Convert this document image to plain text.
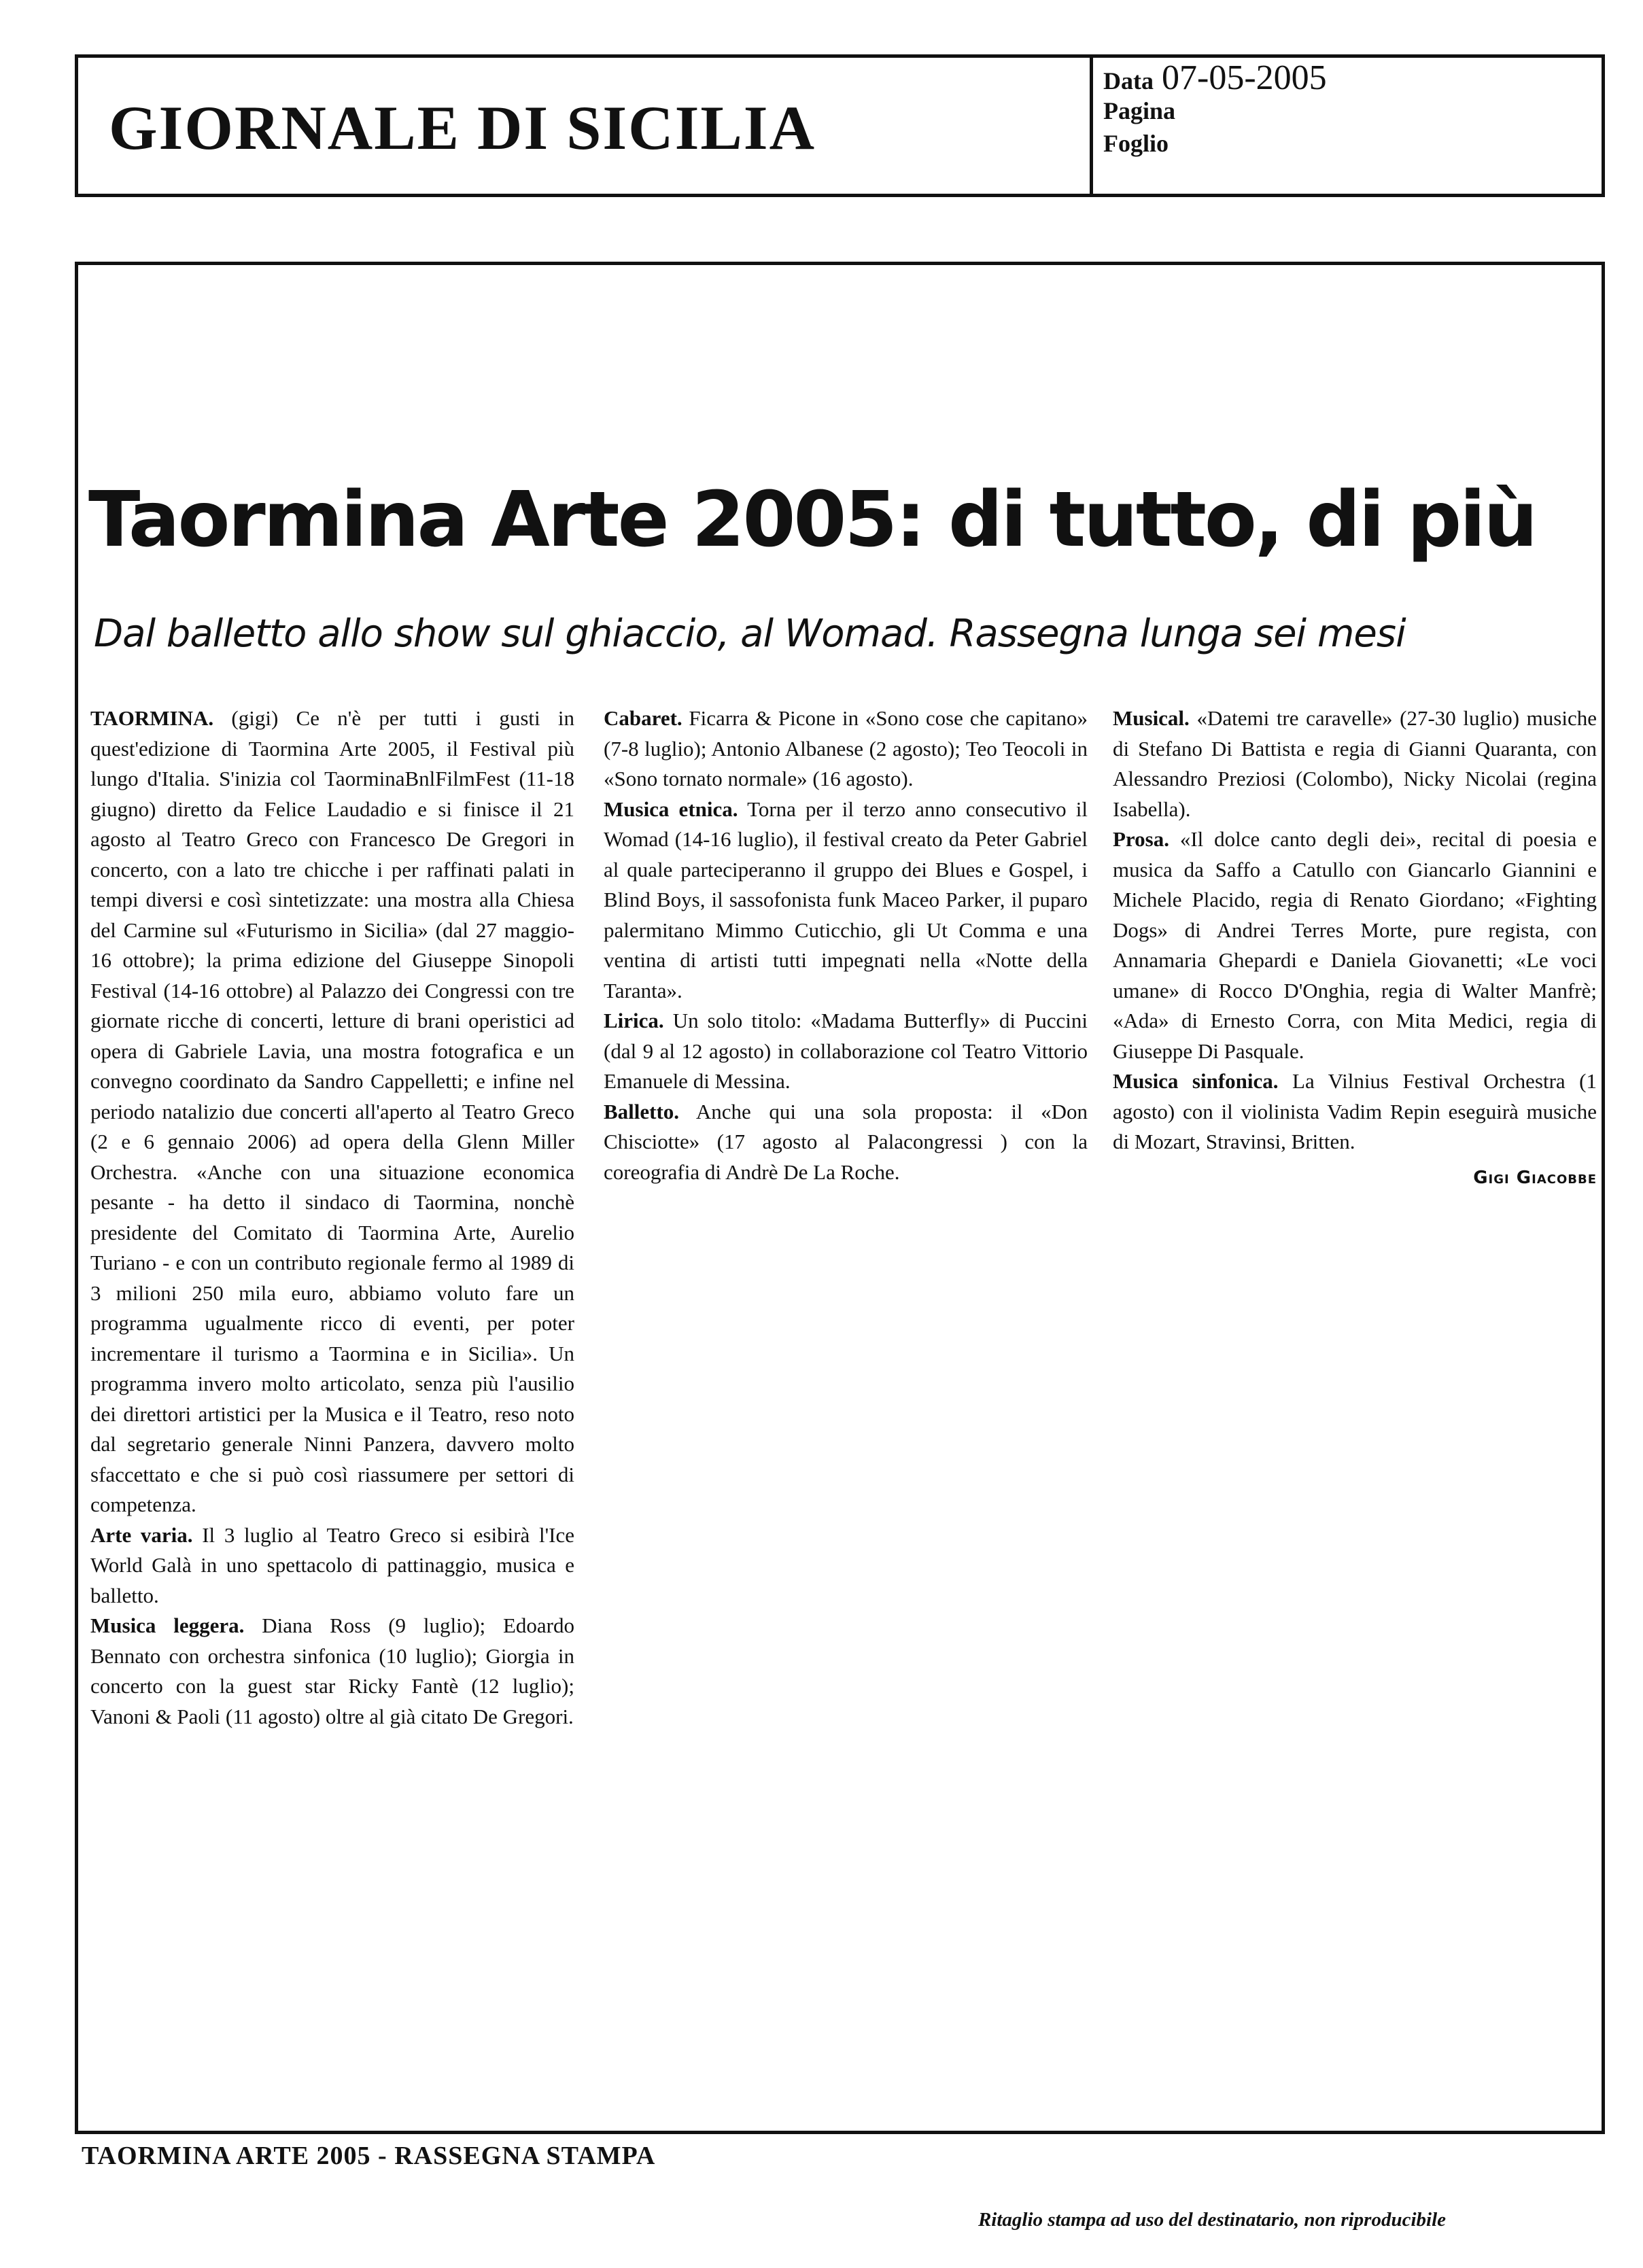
GIORNALE DI SICILIA
Data 07-05-2005
Pagina
Foglio
Taormina Arte 2005: di tutto, di più
Dal balletto allo show sul ghiaccio, al Womad. Rassegna lunga sei mesi

TAORMINA. (gigi) Ce n'è per tutti i gusti in quest'edizione di Taormina Arte 2005, il Festival più lungo d'Italia. S'inizia col TaorminaBnlFilmFest (11-18 giugno) diretto da Felice Laudadio e si finisce il 21 agosto al Teatro Greco con Francesco De Gregori in concerto, con a lato tre chicche i per raffinati palati in tempi diversi e così sintetizzate: una mostra alla Chiesa del Carmine sul «Futurismo in Sicilia» (dal 27 maggio-16 ottobre); la prima edizione del Giuseppe Sinopoli Festival (14-16 ottobre) al Palazzo dei Congressi con tre giornate ricche di concerti, letture di brani operistici ad opera di Gabriele Lavia, una mostra fotografica e un convegno coordinato da Sandro Cappelletti; e infine nel periodo natalizio due concerti all'aperto al Teatro Greco (2 e 6 gennaio 2006) ad opera della Glenn Miller Orchestra. «Anche con una situazione economica pesante - ha detto il sindaco di Taormina, nonchè presidente del Comitato di Taormina Arte, Aurelio Turiano - e con un contributo regionale fermo al 1989 di 3 milioni 250 mila euro, abbiamo voluto fare un programma ugualmente ricco di eventi, per poter incrementare il turismo a Taormina e in Sicilia». Un programma invero molto articolato, senza più l'ausilio dei direttori artistici per la Musica e il Teatro, reso noto dal segretario generale Ninni Panzera, davvero molto sfaccettato e che si può così riassumere per settori di competenza.

Arte varia. Il 3 luglio al Teatro Greco si esibirà l'Ice World Galà in uno spettacolo di pattinaggio, musica e balletto.

Musica leggera. Diana Ross (9 luglio); Edoardo Bennato con orchestra sinfonica (10 luglio); Giorgia in concerto con la guest star Ricky Fantè (12 luglio); Vanoni & Paoli (11 agosto) oltre al già citato De Gregori.

Cabaret. Ficarra & Picone in «Sono cose che capitano» (7-8 luglio); Antonio Albanese (2 agosto); Teo Teocoli in «Sono tornato normale» (16 agosto).

Musica etnica. Torna per il terzo anno consecutivo il Womad (14-16 luglio), il festival creato da Peter Gabriel al quale parteciperanno il gruppo dei Blues e Gospel, i Blind Boys, il sassofonista funk Maceo Parker, il puparo palermitano Mimmo Cuticchio, gli Ut Comma e una ventina di artisti tutti impegnati nella «Notte della Taranta».

Lirica. Un solo titolo: «Madama Butterfly» di Puccini (dal 9 al 12 agosto) in collaborazione col Teatro Vittorio Emanuele di Messina.

Balletto. Anche qui una sola proposta: il «Don Chisciotte» (17 agosto al Palacongressi ) con la coreografia di Andrè De La Roche.

Musical. «Datemi tre caravelle» (27-30 luglio) musiche di Stefano Di Battista e regia di Gianni Quaranta, con Alessandro Preziosi (Colombo), Nicky Nicolai (regina Isabella).

Prosa. «Il dolce canto degli dei», recital di poesia e musica da Saffo a Catullo con Giancarlo Giannini e Michele Placido, regia di Renato Giordano; «Fighting Dogs» di Andrei Terres Morte, pure regista, con Annamaria Ghepardi e Daniela Giovanetti; «Le voci umane» di Rocco D'Onghia, regia di Walter Manfrè; «Ada» di Ernesto Corra, con Mita Medici, regia di Giuseppe Di Pasquale.

Musica sinfonica. La Vilnius Festival Orchestra (1 agosto) con il violinista Vadim Repin eseguirà musiche di Mozart, Stravinsi, Britten.

Gigi Giacobbe
TAORMINA ARTE 2005 - RASSEGNA STAMPA
Ritaglio stampa ad uso del destinatario, non riproducibile
